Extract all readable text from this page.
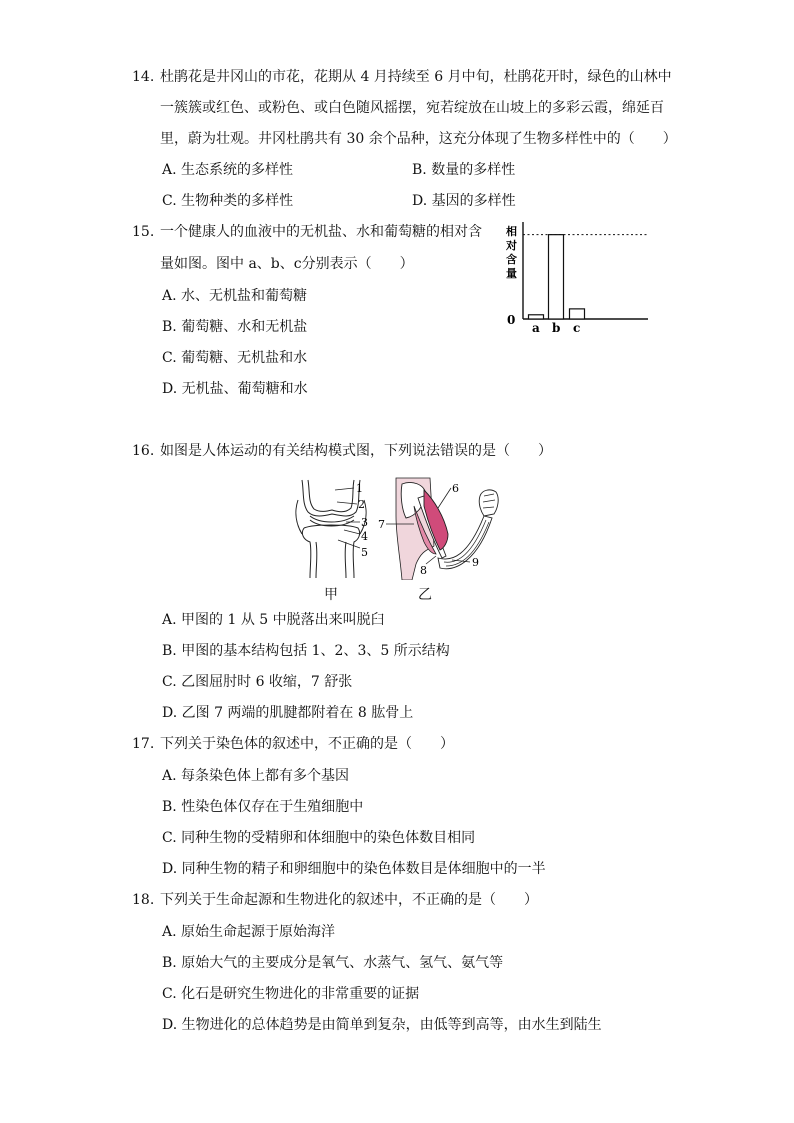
14. 杜鹃花是井冈山的市花，花期从 4 月持续至 6 月中旬，杜鹃花开时，绿色的山林中
一簇簇或红色、或粉色、或白色随风摇摆，宛若绽放在山坡上的多彩云霞，绵延百
里，蔚为壮观。井冈杜鹃共有 30 余个品种，这充分体现了生物多样性中的（　　）
A. 生态系统的多样性	B. 数量的多样性
C. 生物种类的多样性	D. 基因的多样性
15. 一个健康人的血液中的无机盐、水和葡萄糖的相对含
量如图。图中 a、b、c分别表示（　　）
A. 水、无机盐和葡萄糖
B. 葡萄糖、水和无机盐
C. 葡萄糖、无机盐和水
D. 无机盐、葡萄糖和水
相
对
含
量
0
a b c
16. 如图是人体运动的有关结构模式图，下列说法错误的是（　　）
1
2
3
4
5
6
7
8
9
甲	乙
A. 甲图的 1 从 5 中脱落出来叫脱臼
B. 甲图的基本结构包括 1、2、3、5 所示结构
C. 乙图屈肘时 6 收缩，7 舒张
D. 乙图 7 两端的肌腱都附着在 8 肱骨上
17. 下列关于染色体的叙述中，不正确的是（　　）
A. 每条染色体上都有多个基因
B. 性染色体仅存在于生殖细胞中
C. 同种生物的受精卵和体细胞中的染色体数目相同
D. 同种生物的精子和卵细胞中的染色体数目是体细胞中的一半
18. 下列关于生命起源和生物进化的叙述中，不正确的是（　　）
A. 原始生命起源于原始海洋
B. 原始大气的主要成分是氧气、水蒸气、氢气、氨气等
C. 化石是研究生物进化的非常重要的证据
D. 生物进化的总体趋势是由简单到复杂，由低等到高等，由水生到陆生
